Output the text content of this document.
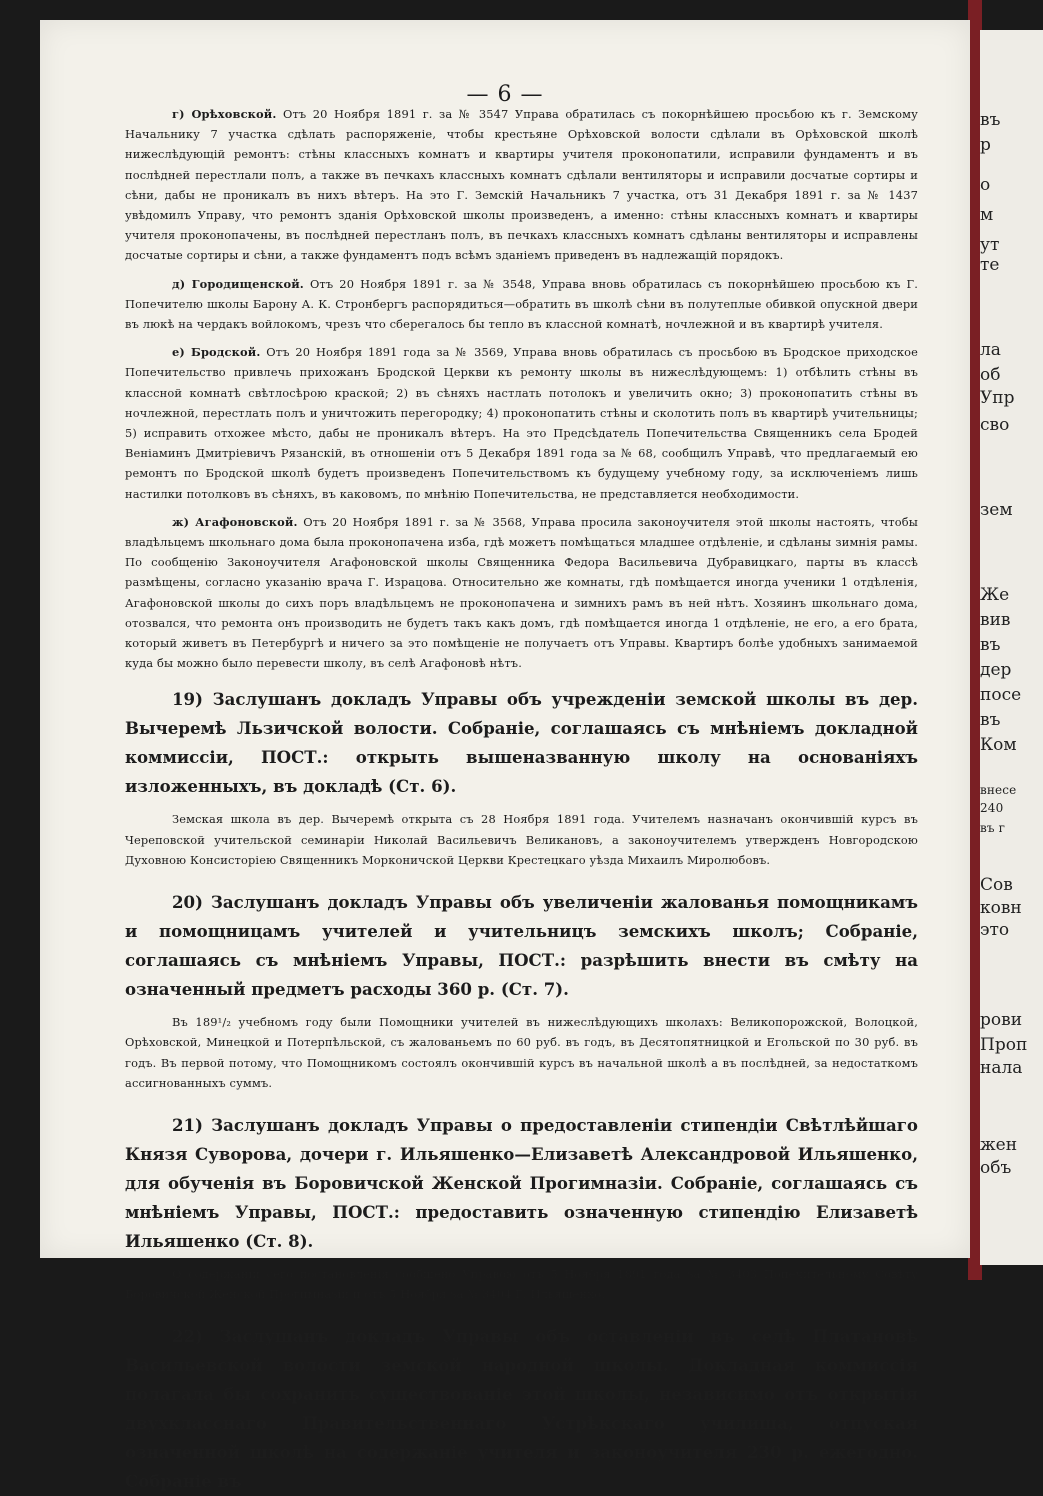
въ
р
о
м
ут
те
ла
об
Упр
сво
зем
Же
вив
въ
дер
посе
въ
Ком
внесе
240
въ г
Сов
ковн
это
рови
Проп
нала
жен
объ
— 6 —

г) Орѣховской. Отъ 20 Ноября 1891 г. за № 3547 Управа обратилась съ покорнѣйшею просьбою къ г. Земскому Начальнику 7 участка сдѣлать распоряженіе, чтобы крестьяне Орѣховской волости сдѣлали въ Орѣховской школѣ нижеслѣдующій ремонтъ: стѣны классныхъ комнатъ и квартиры учителя проконопатили, исправили фундаментъ и въ послѣдней перестлали полъ, а также въ печкахъ классныхъ комнатъ сдѣлали вентиляторы и исправили досчатые сортиры и сѣни, дабы не проникалъ въ нихъ вѣтеръ. На это Г. Земскій Начальникъ 7 участка, отъ 31 Декабря 1891 г. за № 1437 увѣдомилъ Управу, что ремонтъ зданія Орѣховской школы произведенъ, а именно: стѣны классныхъ комнатъ и квартиры учителя проконопачены, въ послѣдней перестланъ полъ, въ печкахъ классныхъ комнатъ сдѣланы вентиляторы и исправлены досчатые сортиры и сѣни, а также фундаментъ подъ всѣмъ зданіемъ приведенъ въ надлежащій порядокъ.

д) Городищенской. Отъ 20 Ноября 1891 г. за № 3548, Управа вновь обратилась съ покорнѣйшею просьбою къ Г. Попечителю школы Барону А. К. Стронбергъ распорядиться—обратить въ школѣ сѣни въ полутеплые обивкой опускной двери въ люкѣ на чердакъ войлокомъ, чрезъ что сберегалось бы тепло въ классной комнатѣ, ночлежной и въ квартирѣ учителя.

е) Бродской. Отъ 20 Ноября 1891 года за № 3569, Управа вновь обратилась съ просьбою въ Бродское приходское Попечительство привлечь прихожанъ Бродской Церкви къ ремонту школы въ нижеслѣдующемъ: 1) отбѣлить стѣны въ классной комнатѣ свѣтлосѣрою краской; 2) въ сѣняхъ настлать потолокъ и увеличить окно; 3) проконопатить стѣны въ ночлежной, перестлать полъ и уничтожить перегородку; 4) проконопатить стѣны и сколотить полъ въ квартирѣ учительницы; 5) исправить отхожее мѣсто, дабы не проникалъ вѣтеръ. На это Предсѣдатель Попечительства Священникъ села Бродей Веніаминъ Дмитріевичъ Рязанскій, въ отношеніи отъ 5 Декабря 1891 года за № 68, сообщилъ Управѣ, что предлагаемый ею ремонтъ по Бродской школѣ будетъ произведенъ Попечительствомъ къ будущему учебному году, за исключеніемъ лишь настилки потолковъ въ сѣняхъ, въ каковомъ, по мнѣнію Попечительства, не представляется необходимости.

ж) Агафоновской. Отъ 20 Ноября 1891 г. за № 3568, Управа просила законоучителя этой школы настоять, чтобы владѣльцемъ школьнаго дома была проконопачена изба, гдѣ можетъ помѣщаться младшее отдѣленіе, и сдѣланы зимнія рамы. По сообщенію Законоучителя Агафоновской школы Священника Федора Васильевича Дубравицкаго, парты въ классѣ размѣщены, согласно указанію врача Г. Израцова. Относительно же комнаты, гдѣ помѣщается иногда ученики 1 отдѣленія, Агафоновской школы до сихъ поръ владѣльцемъ не проконопачена и зимнихъ рамъ въ ней нѣтъ. Хозяинъ школьнаго дома, отозвался, что ремонта онъ производить не будетъ такъ какъ домъ, гдѣ помѣщается иногда 1 отдѣленіе, не его, а его брата, который живетъ въ Петербургѣ и ничего за это помѣщеніе не получаетъ отъ Управы. Квартиръ болѣе удобныхъ занимаемой куда бы можно было перевести школу, въ селѣ Агафоновѣ нѣтъ.

19) Заслушанъ докладъ Управы объ учрежденіи земской школы въ дер. Вычеремѣ Льзичской волости. Собраніе, соглашаясь съ мнѣніемъ докладной коммиссіи, ПОСТ.: открыть вышеназванную школу на основаніяхъ изложенныхъ, въ докладѣ (Ст. 6).

Земская школа въ дер. Вычеремѣ открыта съ 28 Ноября 1891 года. Учителемъ назначанъ окончившій курсъ въ Череповской учительской семинаріи Николай Васильевичъ Великановъ, а законоучителемъ утвержденъ Новгородскою Духовною Консисторіею Священникъ Морконичской Церкви Крестецкаго уѣзда Михаилъ Миролюбовъ.

20) Заслушанъ докладъ Управы объ увеличеніи жалованья помощникамъ и помощницамъ учителей и учительницъ земскихъ школъ; Собраніе, соглашаясь съ мнѣніемъ Управы, ПОСТ.: разрѣшить внести въ смѣту на означенный предметъ расходы 360 р. (Ст. 7).

Въ 189¹/₂ учебномъ году были Помощники учителей въ нижеслѣдующихъ школахъ: Великопорожской, Волоцкой, Орѣховской, Минецкой и Потерпѣльской, съ жалованьемъ по 60 руб. въ годъ, въ Десятопятницкой и Егольской по 30 руб. въ годъ. Въ первой потому, что Помощникомъ состоялъ окончившій курсъ въ начальной школѣ а въ послѣдней, за недостаткомъ ассигнованныхъ суммъ.

21) Заслушанъ докладъ Управы о предоставленіи стипендіи Свѣтлѣйшаго Князя Суворова, дочери г. Ильяшенко—Елизаветѣ Александровой Ильяшенко, для обученія въ Боровичской Женской Прогимназіи. Собраніе, соглашаясь съ мнѣніемъ Управы, ПОСТ.: предоставить означенную стипендію Елизаветѣ Ильяшенко (Ст. 8).

О содержаніи сего постановленія сообщено Управою отъ 5 Ноября 1891 года за № 3403 Попечительному Совѣту Боровичской Женской Прогимназіи и отъ 5 Ноября за № 3404 Г. Ильяшенко.

22) Заслушанъ докладъ Управы объ оставленіи въ селѣ Платановѣ Васильевской волости земской народной школы. Докладная коммиссія полагала бы сохранить существованіе этой школы, независимо отъ открытія двухкласснаго Правительственнаго Устрѣкскаго училища, отпуская означенной школѣ на содержаніе учителя и законоучителя 230 р. ежегодно. Собраніе въ
